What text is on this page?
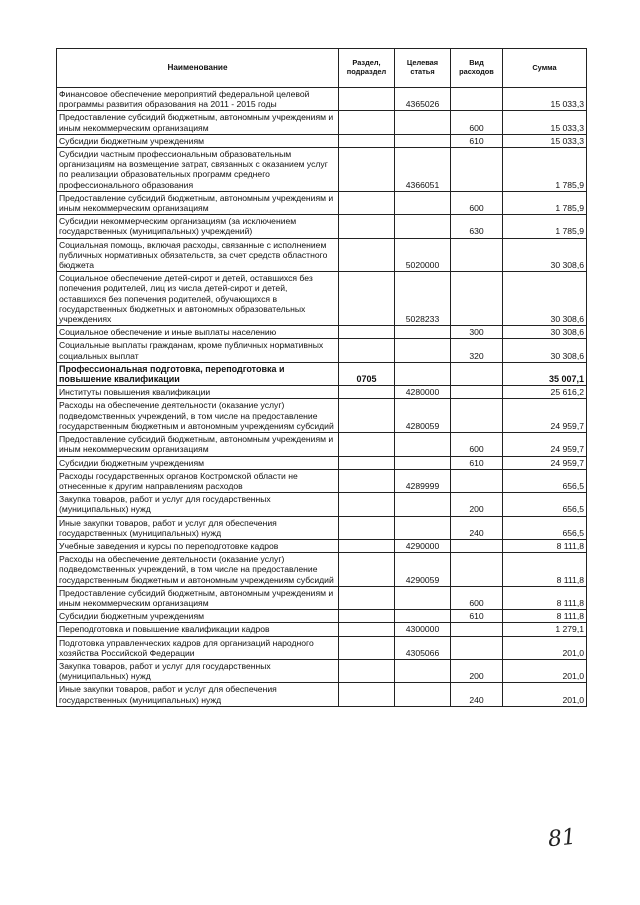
Наименование	Раздел, подраздел	Целевая статья	Вид расходов	Сумма
Финансовое обеспечение мероприятий федеральной целевой программы развития образования на 2011 - 2015 годы		4365026		15 033,3
Предоставление субсидий бюджетным, автономным учреждениям и иным некоммерческим организациям			600	15 033,3
Субсидии бюджетным учреждениям			610	15 033,3
Субсидии частным профессиональным образовательным организациям на возмещение затрат, связанных с оказанием услуг по реализации образовательных программ среднего профессионального образования		4366051		1 785,9
Предоставление субсидий бюджетным, автономным учреждениям и иным некоммерческим организациям			600	1 785,9
Субсидии некоммерческим организациям (за исключением государственных (муниципальных) учреждений)			630	1 785,9
Социальная помощь, включая расходы, связанные с исполнением публичных нормативных обязательств, за счет средств областного бюджета		5020000		30 308,6
Социальное обеспечение детей-сирот и детей, оставшихся без попечения родителей, лиц из числа детей-сирот и детей, оставшихся без попечения родителей, обучающихся в государственных бюджетных и автономных образовательных учреждениях		5028233		30 308,6
Социальное обеспечение и иные выплаты населению			300	30 308,6
Социальные выплаты гражданам, кроме публичных нормативных социальных выплат			320	30 308,6
Профессиональная подготовка, переподготовка и повышение квалификации	0705			35 007,1
Институты повышения квалификации		4280000		25 616,2
Расходы на обеспечение деятельности (оказание услуг) подведомственных учреждений, в том числе на предоставление государственным бюджетным и автономным учреждениям субсидий		4280059		24 959,7
Предоставление субсидий бюджетным, автономным учреждениям и иным некоммерческим организациям			600	24 959,7
Субсидии бюджетным учреждениям			610	24 959,7
Расходы государственных органов Костромской области не отнесенные к другим направлениям расходов		4289999		656,5
Закупка товаров, работ и услуг для государственных (муниципальных) нужд			200	656,5
Иные закупки товаров, работ и услуг для обеспечения государственных (муниципальных) нужд			240	656,5
Учебные заведения и курсы по переподготовке кадров		4290000		8 111,8
Расходы на обеспечение деятельности (оказание услуг) подведомственных учреждений, в том числе на предоставление государственным бюджетным и автономным учреждениям субсидий		4290059		8 111,8
Предоставление субсидий бюджетным, автономным учреждениям и иным некоммерческим организациям			600	8 111,8
Субсидии бюджетным учреждениям			610	8 111,8
Переподготовка и повышение квалификации кадров		4300000		1 279,1
Подготовка управленческих кадров для организаций народного хозяйства Российской Федерации		4305066		201,0
Закупка товаров, работ и услуг для государственных (муниципальных) нужд			200	201,0
Иные закупки товаров, работ и услуг для обеспечения государственных (муниципальных) нужд			240	201,0
81
